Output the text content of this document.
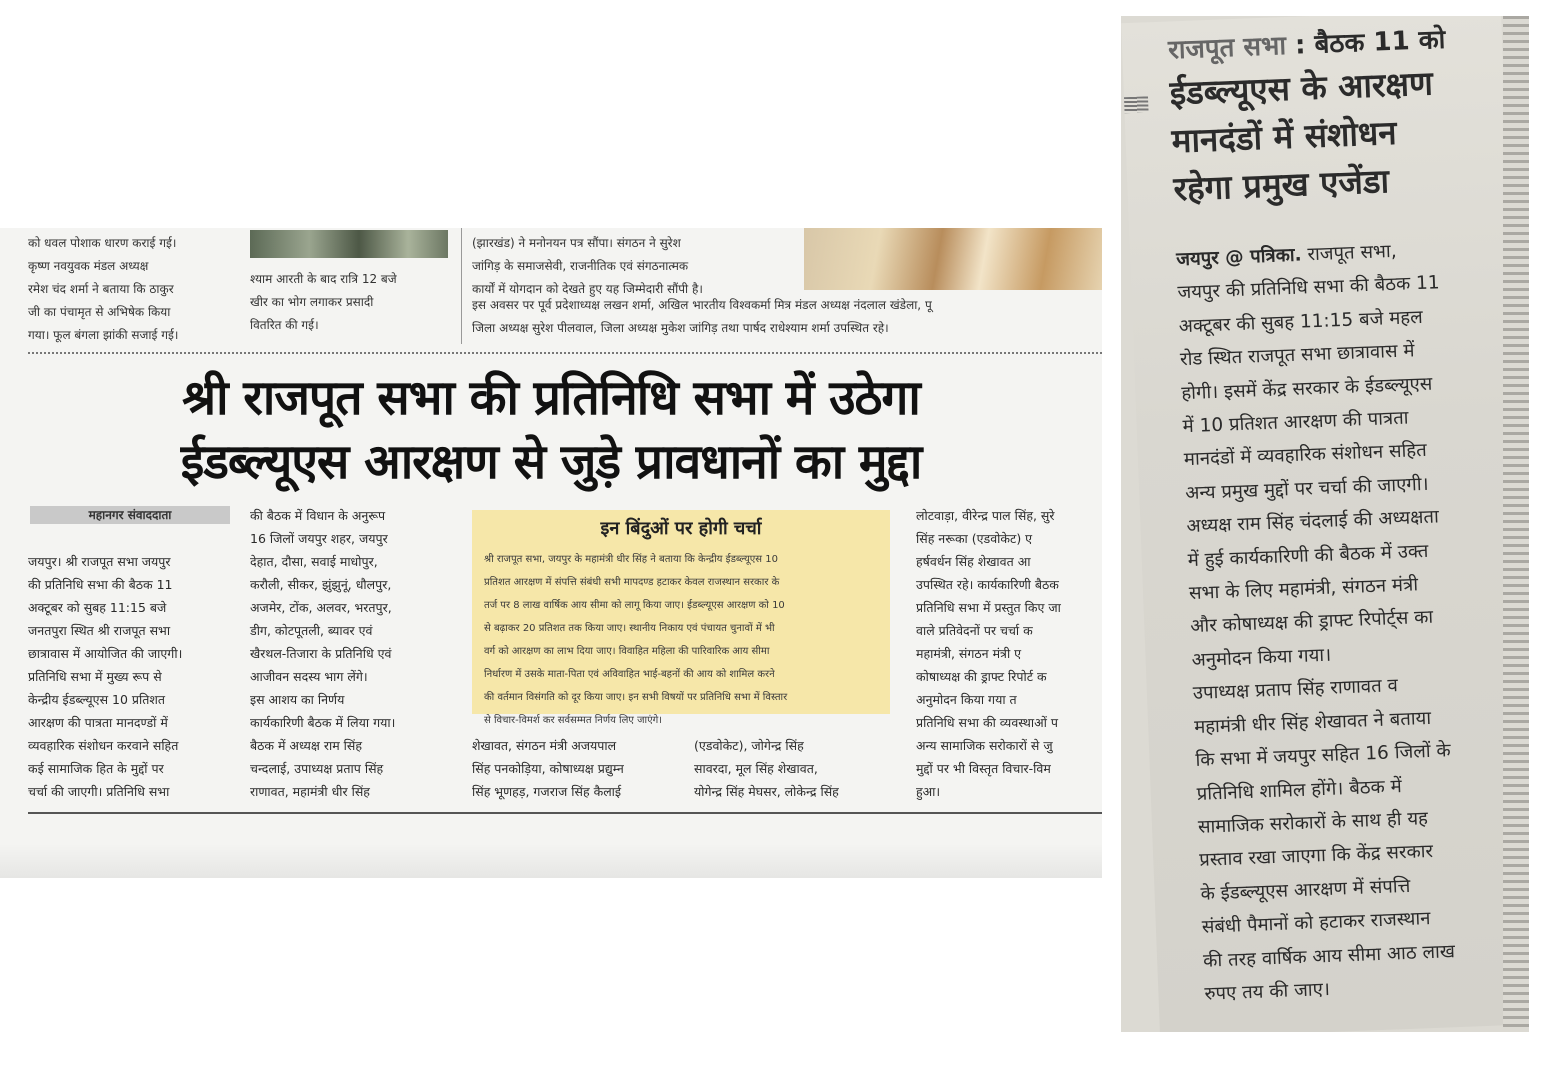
को धवल पोशाक धारण कराई गई।

कृष्ण नवयुवक मंडल अध्यक्ष

रमेश चंद शर्मा ने बताया कि ठाकुर

जी का पंचामृत से अभिषेक किया

गया। फूल बंगला झांकी सजाई गई।

श्याम आरती के बाद रात्रि 12 बजे

खीर का भोग लगाकर प्रसादी

वितरित की गई।

(झारखंड) ने मनोनयन पत्र सौंपा। संगठन ने सुरेश

जांगिड़ के समाजसेवी, राजनीतिक एवं संगठनात्मक

कार्यों में योगदान को देखते हुए यह जिम्मेदारी सौंपी है।

इस अवसर पर पूर्व प्रदेशाध्यक्ष लखन शर्मा, अखिल भारतीय विश्वकर्मा मित्र मंडल अध्यक्ष नंदलाल खंडेला, पू

जिला अध्यक्ष सुरेश पीलवाल, जिला अध्यक्ष मुकेश जांगिड़ तथा पार्षद राधेश्याम शर्मा उपस्थित रहे।

श्री राजपूत सभा की प्रतिनिधि सभा में उठेगा
ईडब्ल्यूएस आरक्षण से जुड़े प्रावधानों का मुद्दा
महानगर संवाददाता

जयपुर। श्री राजपूत सभा जयपुर

की प्रतिनिधि सभा की बैठक 11

अक्टूबर को सुबह 11:15 बजे

जनतपुरा स्थित श्री राजपूत सभा

छात्रावास में आयोजित की जाएगी।

प्रतिनिधि सभा में मुख्य रूप से

केन्द्रीय ईडब्ल्यूएस 10 प्रतिशत

आरक्षण की पात्रता मानदण्डों में

व्यवहारिक संशोधन करवाने सहित

कई सामाजिक हित के मुद्दों पर

चर्चा की जाएगी। प्रतिनिधि सभा

की बैठक में विधान के अनुरूप

16 जिलों जयपुर शहर, जयपुर

देहात, दौसा, सवाई माधोपुर,

करौली, सीकर, झुंझुनूं, धौलपुर,

अजमेर, टोंक, अलवर, भरतपुर,

डीग, कोटपूतली, ब्यावर एवं

खैरथल-तिजारा के प्रतिनिधि एवं

आजीवन सदस्य भाग लेंगे।

इस आशय का निर्णय

कार्यकारिणी बैठक में लिया गया।

बैठक में अध्यक्ष राम सिंह

चन्दलाई, उपाध्यक्ष प्रताप सिंह

राणावत, महामंत्री धीर सिंह

इन बिंदुओं पर होगी चर्चा

श्री राजपूत सभा, जयपुर के महामंत्री धीर सिंह ने बताया कि केन्द्रीय ईडब्ल्यूएस 10

प्रतिशत आरक्षण में संपत्ति संबंधी सभी मापदण्ड हटाकर केवल राजस्थान सरकार के

तर्ज पर 8 लाख वार्षिक आय सीमा को लागू किया जाए। ईडब्ल्यूएस आरक्षण को 10

से बढ़ाकर 20 प्रतिशत तक किया जाए। स्थानीय निकाय एवं पंचायत चुनावों में भी

वर्ग को आरक्षण का लाभ दिया जाए। विवाहित महिला की पारिवारिक आय सीमा

निर्धारण में उसके माता-पिता एवं अविवाहित भाई-बहनों की आय को शामिल करने

की वर्तमान विसंगति को दूर किया जाए। इन सभी विषयों पर प्रतिनिधि सभा में विस्तार

से विचार-विमर्श कर सर्वसम्मत निर्णय लिए जाएंगे।

शेखावत, संगठन मंत्री अजयपाल

सिंह पनकोड़िया, कोषाध्यक्ष प्रद्युम्न

सिंह भूणहड़, गजराज सिंह कैलाई

(एडवोकेट), जोगेन्द्र सिंह

सावरदा, मूल सिंह शेखावत,

योगेन्द्र सिंह मेघसर, लोकेन्द्र सिंह

लोटवाड़ा, वीरेन्द्र पाल सिंह, सुरे

सिंह नरूका (एडवोकेट) ए

हर्षवर्धन सिंह शेखावत आ

उपस्थित रहे। कार्यकारिणी बैठक

प्रतिनिधि सभा में प्रस्तुत किए जा

वाले प्रतिवेदनों पर चर्चा क

महामंत्री, संगठन मंत्री ए

कोषाध्यक्ष की ड्राफ्ट रिपोर्ट क

अनुमोदन किया गया त

प्रतिनिधि सभा की व्यवस्थाओं प

अन्य सामाजिक सरोकारों से जु

मुद्दों पर भी विस्तृत विचार-विम

हुआ।

राजपूत सभा : बैठक 11 को
ईडब्ल्यूएस के आरक्षण
मानदंडों में संशोधन
रहेगा प्रमुख एजेंडा

जयपुर @ पत्रिका. राजपूत सभा,

जयपुर की प्रतिनिधि सभा की बैठक 11

अक्टूबर की सुबह 11:15 बजे महल

रोड स्थित राजपूत सभा छात्रावास में

होगी। इसमें केंद्र सरकार के ईडब्ल्यूएस

में 10 प्रतिशत आरक्षण की पात्रता

मानदंडों में व्यवहारिक संशोधन सहित

अन्य प्रमुख मुद्दों पर चर्चा की जाएगी।

अध्यक्ष राम सिंह चंदलाई की अध्यक्षता

में हुई कार्यकारिणी की बैठक में उक्त

सभा के लिए महामंत्री, संगठन मंत्री

और कोषाध्यक्ष की ड्राफ्ट रिपोर्ट्स का

अनुमोदन किया गया।

उपाध्यक्ष प्रताप सिंह राणावत व

महामंत्री धीर सिंह शेखावत ने बताया

कि सभा में जयपुर सहित 16 जिलों के

प्रतिनिधि शामिल होंगे। बैठक में

सामाजिक सरोकारों के साथ ही यह

प्रस्ताव रखा जाएगा कि केंद्र सरकार

के ईडब्ल्यूएस आरक्षण में संपत्ति

संबंधी पैमानों को हटाकर राजस्थान

की तरह वार्षिक आय सीमा आठ लाख

रुपए तय की जाए।
